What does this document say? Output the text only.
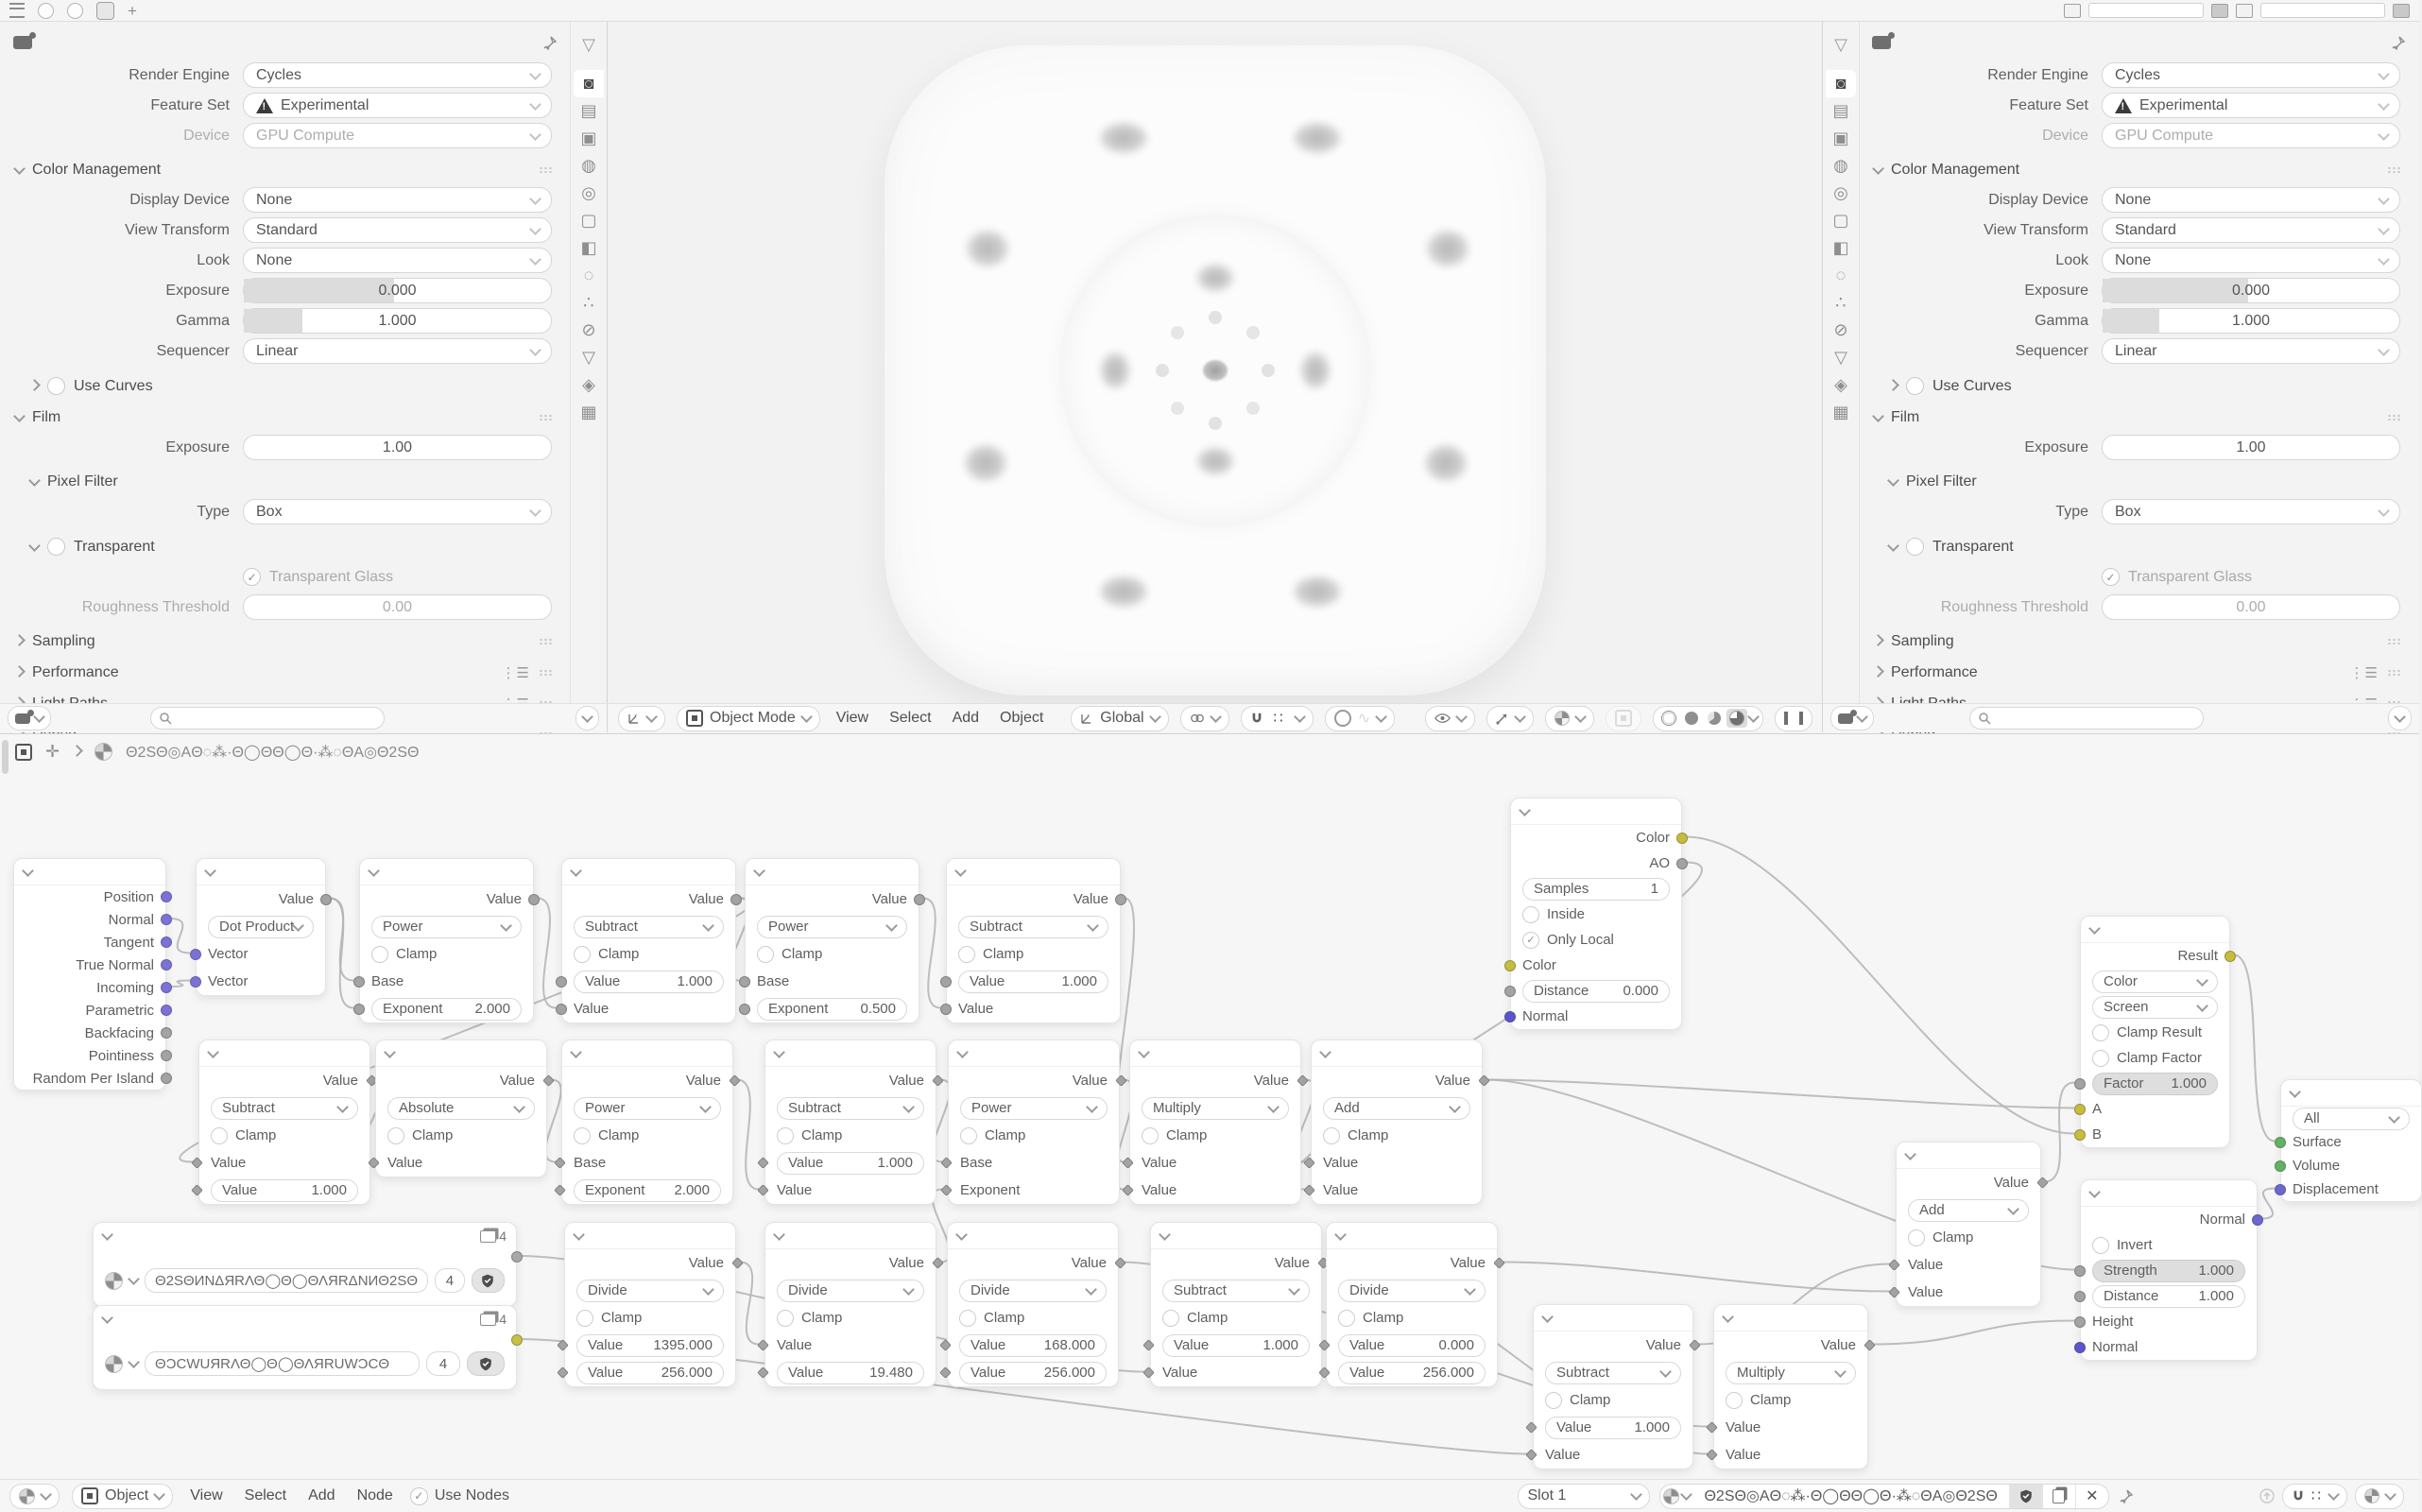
+
Render Engine	Cycles
Feature Set !	Experimental
Device	GPU Compute
Color Management
Display Device	None
View Transform	Standard
Look	None
Exposure	0.000
Gamma	1.000
Sequencer	Linear
Use Curves
Film
Exposure	1.00
Pixel Filter
Type	Box
Transparent
✓ Transparent Glass
Roughness Threshold	0.00
Sampling
Performance	⋮☰
▽
◙
▤
▣
◍
◎
▢
◧
◌
∴
⊘
▽
◈
▦
Render Engine	Cycles
Feature Set !	Experimental
Device	GPU Compute
Color Management
Display Device	None
View Transform	Standard
Look	None
Exposure	0.000
Gamma	1.000
Sequencer	Linear
Use Curves
Film
Exposure	1.00
Pixel Filter
Type	Box
Transparent
✓ Transparent Glass
Roughness Threshold	0.00
Sampling
Performance	⋮☰
▽
◙
▤
▣
◍
◎
▢
◧
◌
∴
⊘
▽
◈
▦
Object Mode	View	Select	Add	Object	Global	∷	∿
✛	Θ2SΘ◎AΘ◌⁂·Θ◯ΘΘ◯Θ·⁂◌ΘA◎Θ2SΘ
Position
Normal
Tangent
True Normal
Incoming
Parametric
Backfacing
Pointiness
Random Per Island
Value
Dot Product
Vector
Vector
Value
Power
Clamp
Base
Exponent 2.000
Value
Subtract
Clamp
Value	1.000
Value
Value
Power
Clamp
Base
Exponent 0.500
Value
Subtract
Clamp
Value	1.000
Value
Value
Subtract
Clamp
Value
Value	1.000
Value
Absolute
Clamp
Value
Value
Power
Clamp
Base
Exponent 2.000
Value
Subtract
Clamp
Value	1.000
Value
Value
Power
Clamp
Base
Exponent
Value
Multiply
Clamp
Value
Value
Value
Add
Clamp
Value
Value
Color
AO
Samples	1
Inside
✓ Only Local
Color
Distance 0.000
Normal
Value
Add
Clamp
Value
Value
Result
Color
Screen
Clamp Result
Clamp Factor
Factor 1.000
A
B
All
Surface
Volume
Displacement
Normal
Invert
Strength	1.000
Distance	1.000
Height
Normal
4
Θ2SΘИNΔЯRΛΘ◯Θ◯ΘΛЯRΔNИΘ2SΘ	4
4
ΘƆCWUЯRΛΘ◯Θ◯ΘΛЯRUWƆCΘ	4
Value
Divide
Clamp
Value 1395.000
Value	256.000
Value
Divide
Clamp
Value
Value	19.480
Value
Divide
Clamp
Value	168.000
Value	256.000
Value
Subtract
Clamp
Value	1.000
Value
Value
Divide
Clamp
Value	0.000
Value	256.000
Value
Subtract
Clamp
Value	1.000
Value
Value
Multiply
Clamp
Value
Value
Object	View	Select	Add	Node	✓ Use Nodes	Slot 1	Θ2SΘ◎AΘ◌⁂·Θ◯ΘΘ◯Θ·⁂◌ΘA◎Θ2SΘ	✕	∷
